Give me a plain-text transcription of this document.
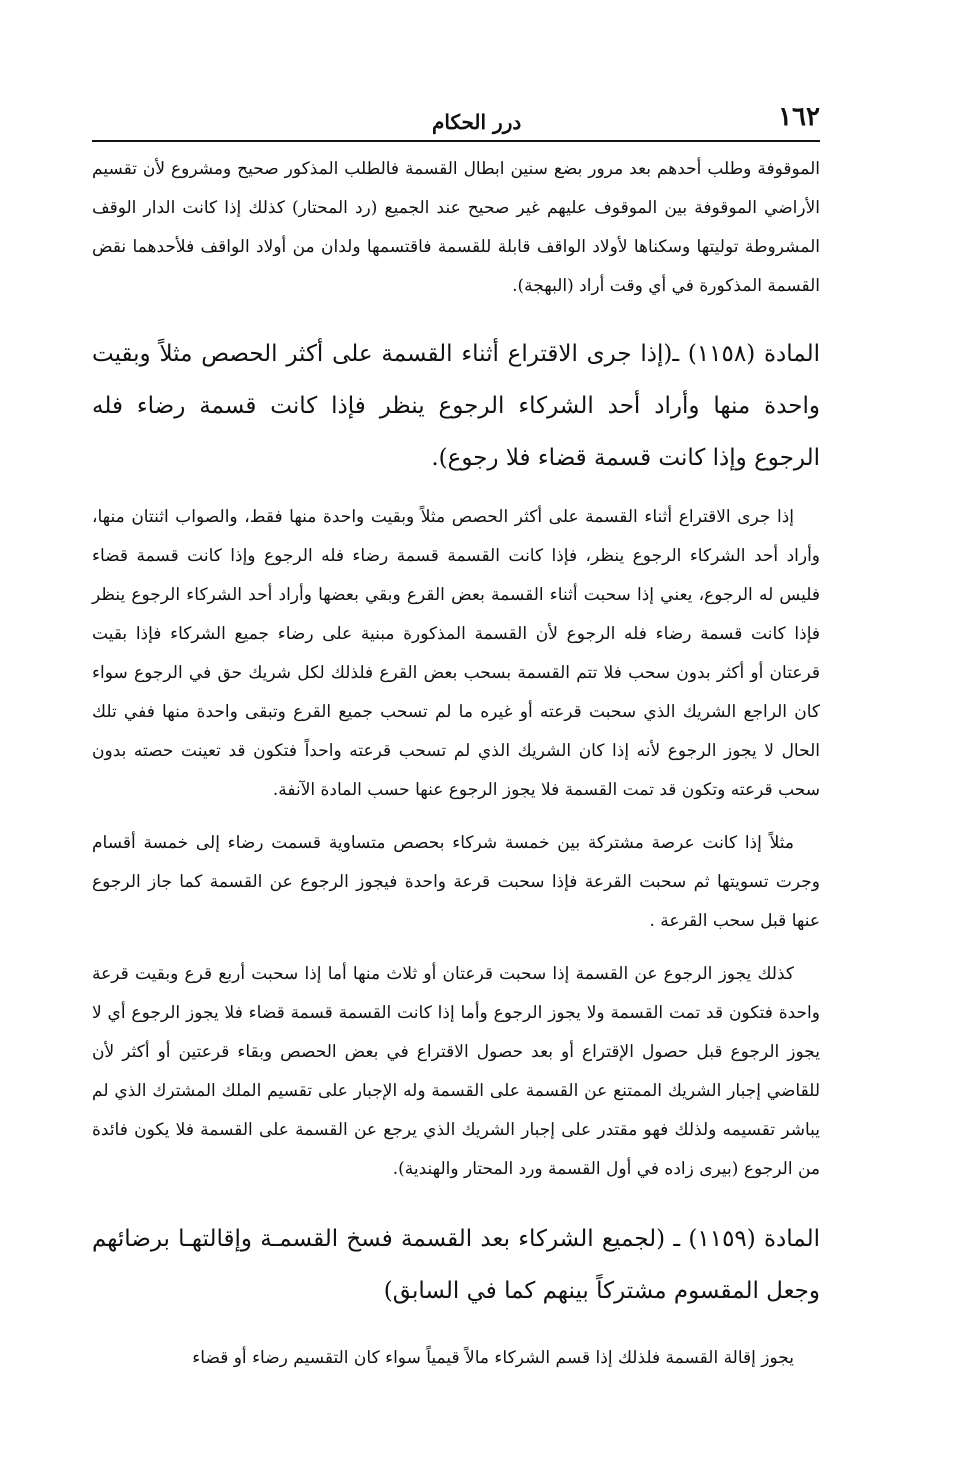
١٦٢
درر الحكام

الموقوفة وطلب أحدهم بعد مرور بضع سنين ابطال القسمة فالطلب المذكور صحيح ومشروع لأن تقسيم الأراضي الموقوفة بين الموقوف عليهم غير صحيح عند الجميع (رد المحتار) كذلك إذا كانت الدار الوقف المشروطة توليتها وسكناها لأولاد الواقف قابلة للقسمة فاقتسمها ولدان من أولاد الواقف فلأحدهما نقض القسمة المذكورة في أي وقت أراد (البهجة).

المادة (١١٥٨) ـ(إذا جرى الاقتراع أثناء القسمة على أكثر الحصص مثلاً وبقيت واحدة منها وأراد أحد الشركاء الرجوع ينظر فإذا كانت قسمة رضاء فله الرجوع وإذا كانت قسمة قضاء فلا رجوع).

إذا جرى الاقتراع أثناء القسمة على أكثر الحصص مثلاً وبقيت واحدة منها فقط، والصواب اثنتان منها، وأراد أحد الشركاء الرجوع ينظر، فإذا كانت القسمة قسمة رضاء فله الرجوع وإذا كانت قسمة قضاء فليس له الرجوع، يعني إذا سحبت أثناء القسمة بعض القرع وبقي بعضها وأراد أحد الشركاء الرجوع ينظر فإذا كانت قسمة رضاء فله الرجوع لأن القسمة المذكورة مبنية على رضاء جميع الشركاء فإذا بقيت قرعتان أو أكثر بدون سحب فلا تتم القسمة بسحب بعض القرع فلذلك لكل شريك حق في الرجوع سواء كان الراجع الشريك الذي سحبت قرعته أو غيره ما لم تسحب جميع القرع وتبقى واحدة منها ففي تلك الحال لا يجوز الرجوع لأنه إذا كان الشريك الذي لم تسحب قرعته واحداً فتكون قد تعينت حصته بدون سحب قرعته وتكون قد تمت القسمة فلا يجوز الرجوع عنها حسب المادة الآنفة.

مثلاً إذا كانت عرصة مشتركة بين خمسة شركاء بحصص متساوية قسمت رضاء إلى خمسة أقسام وجرت تسويتها ثم سحبت القرعة فإذا سحبت قرعة واحدة فيجوز الرجوع عن القسمة كما جاز الرجوع عنها قبل سحب القرعة .

كذلك يجوز الرجوع عن القسمة إذا سحبت قرعتان أو ثلاث منها أما إذا سحبت أربع قرع وبقيت قرعة واحدة فتكون قد تمت القسمة ولا يجوز الرجوع وأما إذا كانت القسمة قسمة قضاء فلا يجوز الرجوع أي لا يجوز الرجوع قبل حصول الإقتراع أو بعد حصول الاقتراع في بعض الحصص وبقاء قرعتين أو أكثر لأن للقاضي إجبار الشريك الممتنع عن القسمة على القسمة وله الإجبار على تقسيم الملك المشترك الذي لم يباشر تقسيمه ولذلك فهو مقتدر على إجبار الشريك الذي يرجع عن القسمة على القسمة فلا يكون فائدة من الرجوع (بيرى زاده في أول القسمة ورد المحتار والهندية).

المادة (١١٥٩) ـ (لجميع الشركاء بعد القسمة فسخ القسمـة وإقالتهـا برضائهم وجعل المقسوم مشتركاً بينهم كما في السابق)

يجوز إقالة القسمة فلذلك إذا قسم الشركاء مالاً قيمياً سواء كان التقسيم رضاء أو قضاء
